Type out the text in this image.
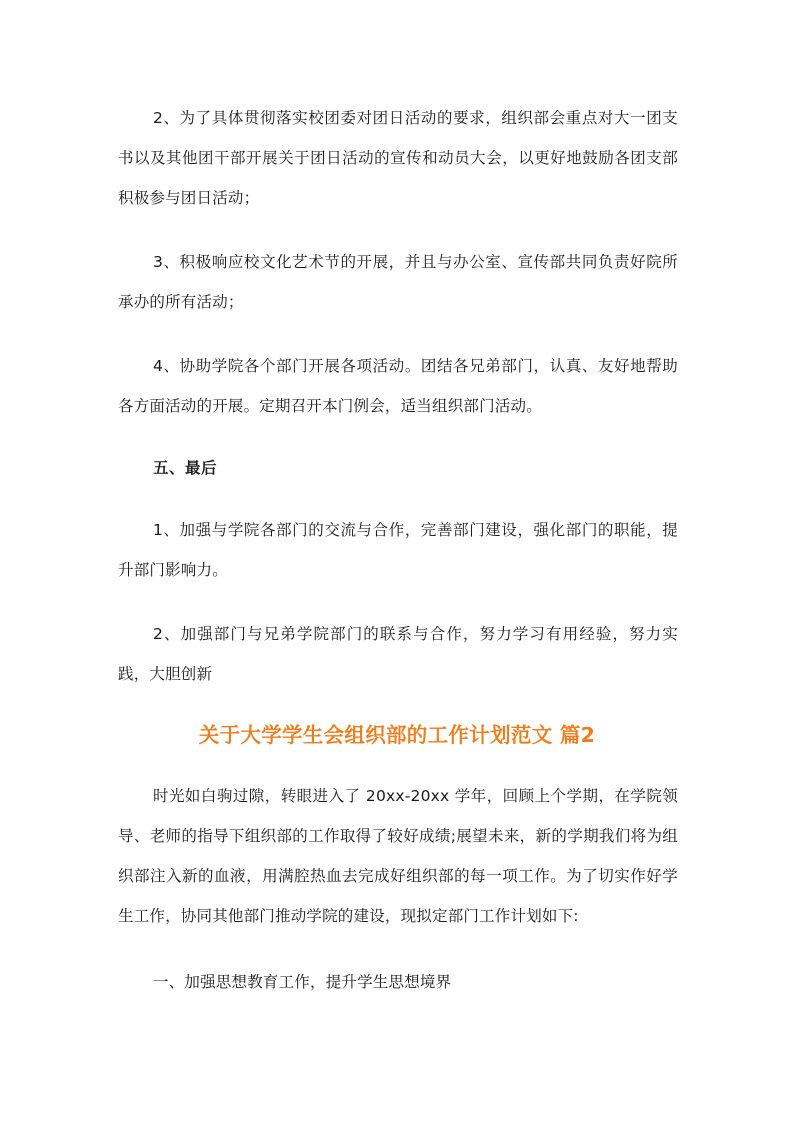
2、为了具体贯彻落实校团委对团日活动的要求，组织部会重点对大一团支书以及其他团干部开展关于团日活动的宣传和动员大会，以更好地鼓励各团支部积极参与团日活动；

3、积极响应校文化艺术节的开展，并且与办公室、宣传部共同负责好院所承办的所有活动；

4、协助学院各个部门开展各项活动。团结各兄弟部门，认真、友好地帮助各方面活动的开展。定期召开本门例会，适当组织部门活动。

五、最后

1、加强与学院各部门的交流与合作，完善部门建设，强化部门的职能，提升部门影响力。

2、加强部门与兄弟学院部门的联系与合作，努力学习有用经验，努力实践，大胆创新

关于大学学生会组织部的工作计划范文 篇2

时光如白驹过隙，转眼进入了 20xx-20xx 学年，回顾上个学期，在学院领导、老师的指导下组织部的工作取得了较好成绩;展望未来，新的学期我们将为组织部注入新的血液，用满腔热血去完成好组织部的每一项工作。为了切实作好学生工作，协同其他部门推动学院的建设，现拟定部门工作计划如下:

一、加强思想教育工作，提升学生思想境界
